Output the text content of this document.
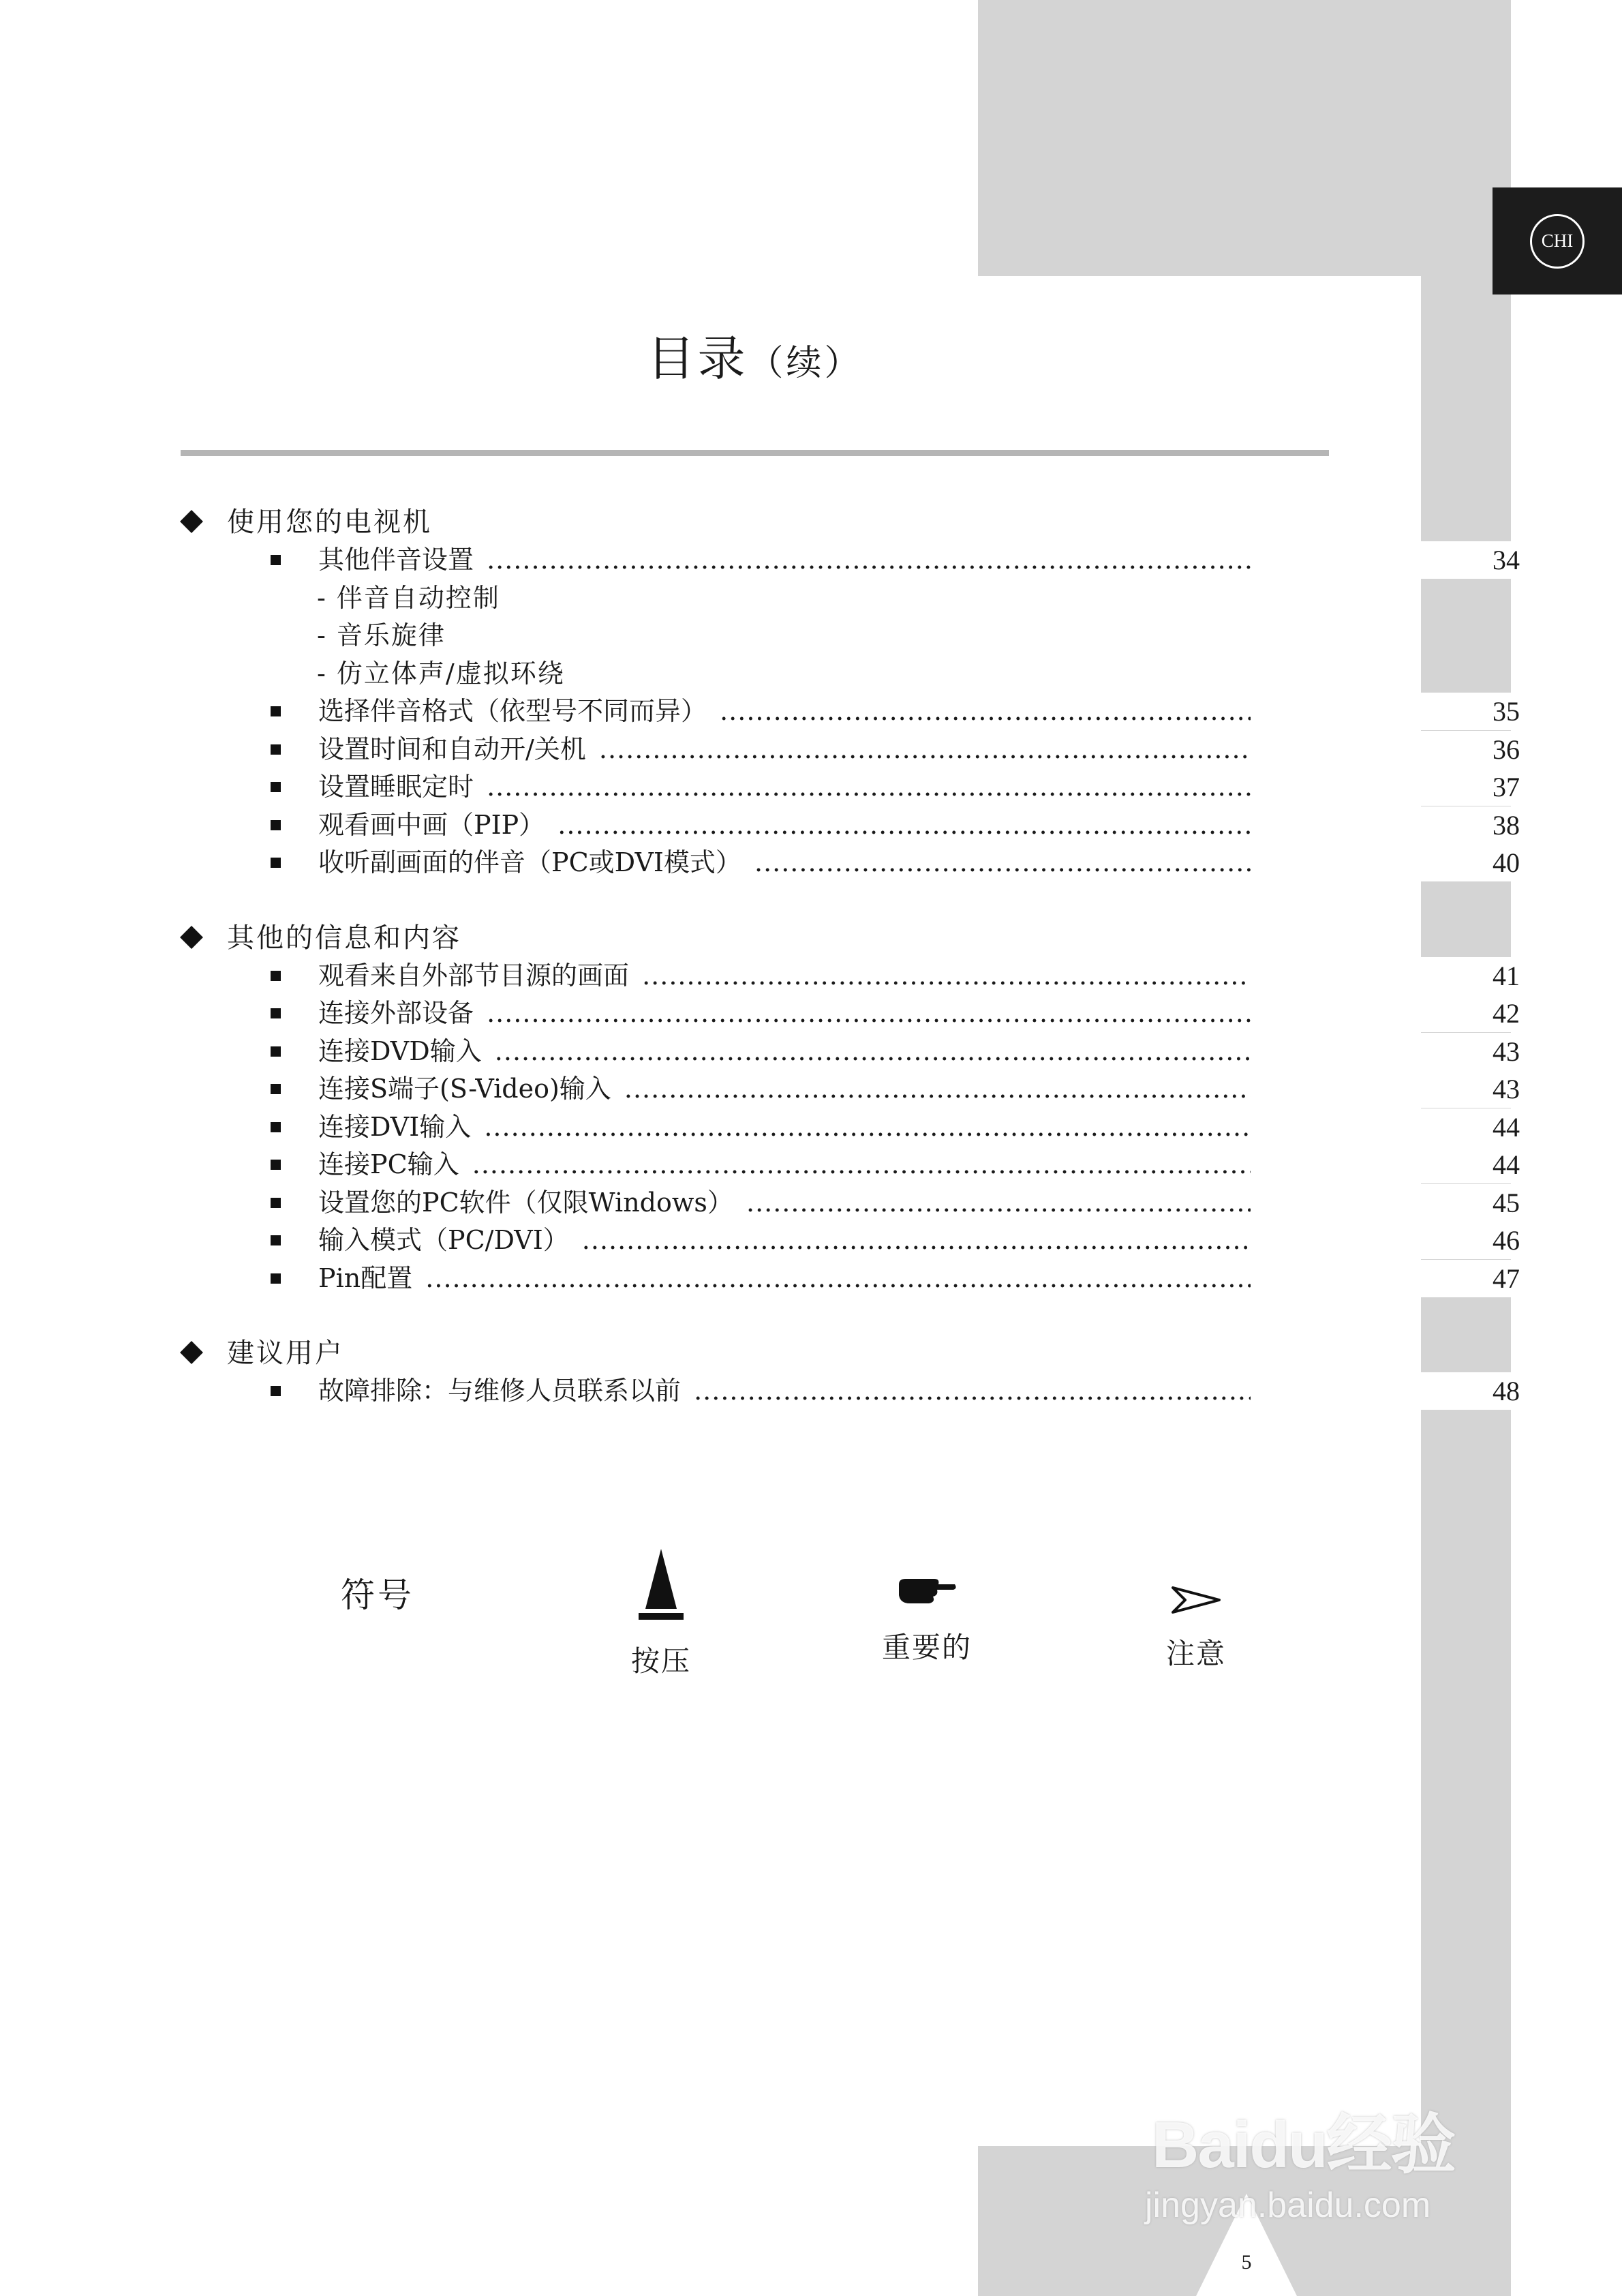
CHI
目录（续）
使用您的电视机
其他伴音设置 .....	34
- 伴音自动控制
- 音乐旋律
- 仿立体声/虚拟环绕
选择伴音格式（依型号不同而异） .....	35
设置时间和自动开/关机 .....	36
设置睡眠定时 .....	37
观看画中画（PIP） .....	38
收听副画面的伴音（PC或DVI模式） .....	40
其他的信息和内容
观看来自外部节目源的画面 .....	41
连接外部设备 .....	42
连接DVD输入 .....	43
连接S端子(S-Video)输入 .....	43
连接DVI输入 .....	44
连接PC输入 .....	44
设置您的PC软件（仅限Windows） .....	45
输入模式（PC/DVI） .....	46
Pin配置 .....	47
建议用户
故障排除：与维修人员联系以前 .....	48
符号
按压	重要的	注意
5
Baidu经验
jingyan.baidu.com
